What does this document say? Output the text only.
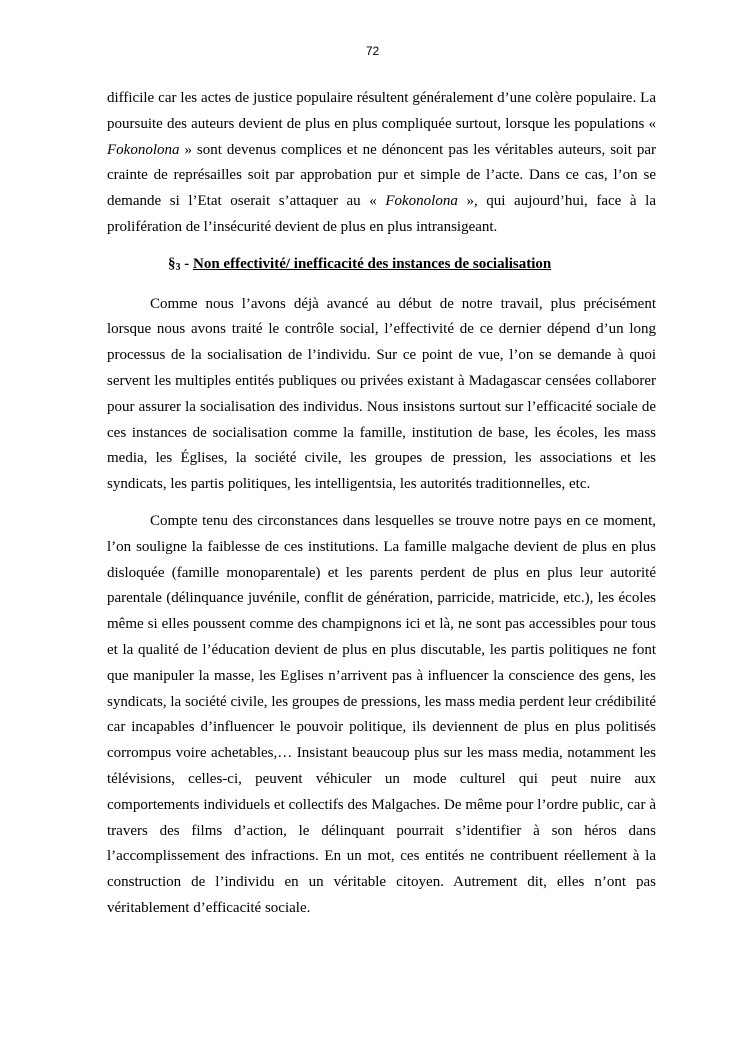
72

difficile car les actes de justice populaire résultent généralement d’une colère populaire. La poursuite des auteurs devient de plus en plus compliquée surtout, lorsque les populations « Fokonolona » sont devenus complices et ne dénoncent pas les véritables auteurs, soit par crainte de représailles soit par approbation pur et simple de l’acte. Dans ce cas, l’on se demande si l’Etat oserait s’attaquer au « Fokonolona », qui aujourd’hui, face à la prolifération de l’insécurité devient de plus en plus intransigeant.

$\S_3$ - Non effectivité/ inefficacité des instances de socialisation

Comme nous l’avons déjà avancé au début de notre travail, plus précisément lorsque nous avons traité le contrôle social, l’effectivité de ce dernier dépend d’un long processus de la socialisation de l’individu. Sur ce point de vue, l’on se demande à quoi servent les multiples entités publiques ou privées existant à Madagascar censées collaborer pour assurer la socialisation des individus. Nous insistons surtout sur l’efficacité sociale de ces instances de socialisation comme la famille, institution de base, les écoles, les mass media, les Églises, la société civile, les groupes de pression, les associations et les syndicats, les partis politiques, les intelligentsia, les autorités traditionnelles, etc.

Compte tenu des circonstances dans lesquelles se trouve notre pays en ce moment, l’on souligne la faiblesse de ces institutions. La famille malgache devient de plus en plus disloquée (famille monoparentale) et les parents perdent de plus en plus leur autorité parentale (délinquance juvénile, conflit de génération, parricide, matricide, etc.), les écoles même si elles poussent comme des champignons ici et là, ne sont pas accessibles pour tous et la qualité de l’éducation devient de plus en plus discutable, les partis politiques ne font que manipuler la masse, les Eglises n’arrivent pas à influencer la conscience des gens, les syndicats, la société civile, les groupes de pressions, les mass media perdent leur crédibilité car incapables d’influencer le pouvoir politique, ils deviennent de plus en plus politisés corrompus voire achetables,… Insistant beaucoup plus sur les mass media, notamment les télévisions, celles-ci, peuvent véhiculer un mode culturel qui peut nuire aux comportements individuels et collectifs des Malgaches. De même pour l’ordre public, car à travers des films d’action, le délinquant pourrait s’identifier à son héros dans l’accomplissement des infractions. En un mot, ces entités ne contribuent réellement à la construction de l’individu en un véritable citoyen. Autrement dit, elles n’ont pas véritablement d’efficacité sociale.
